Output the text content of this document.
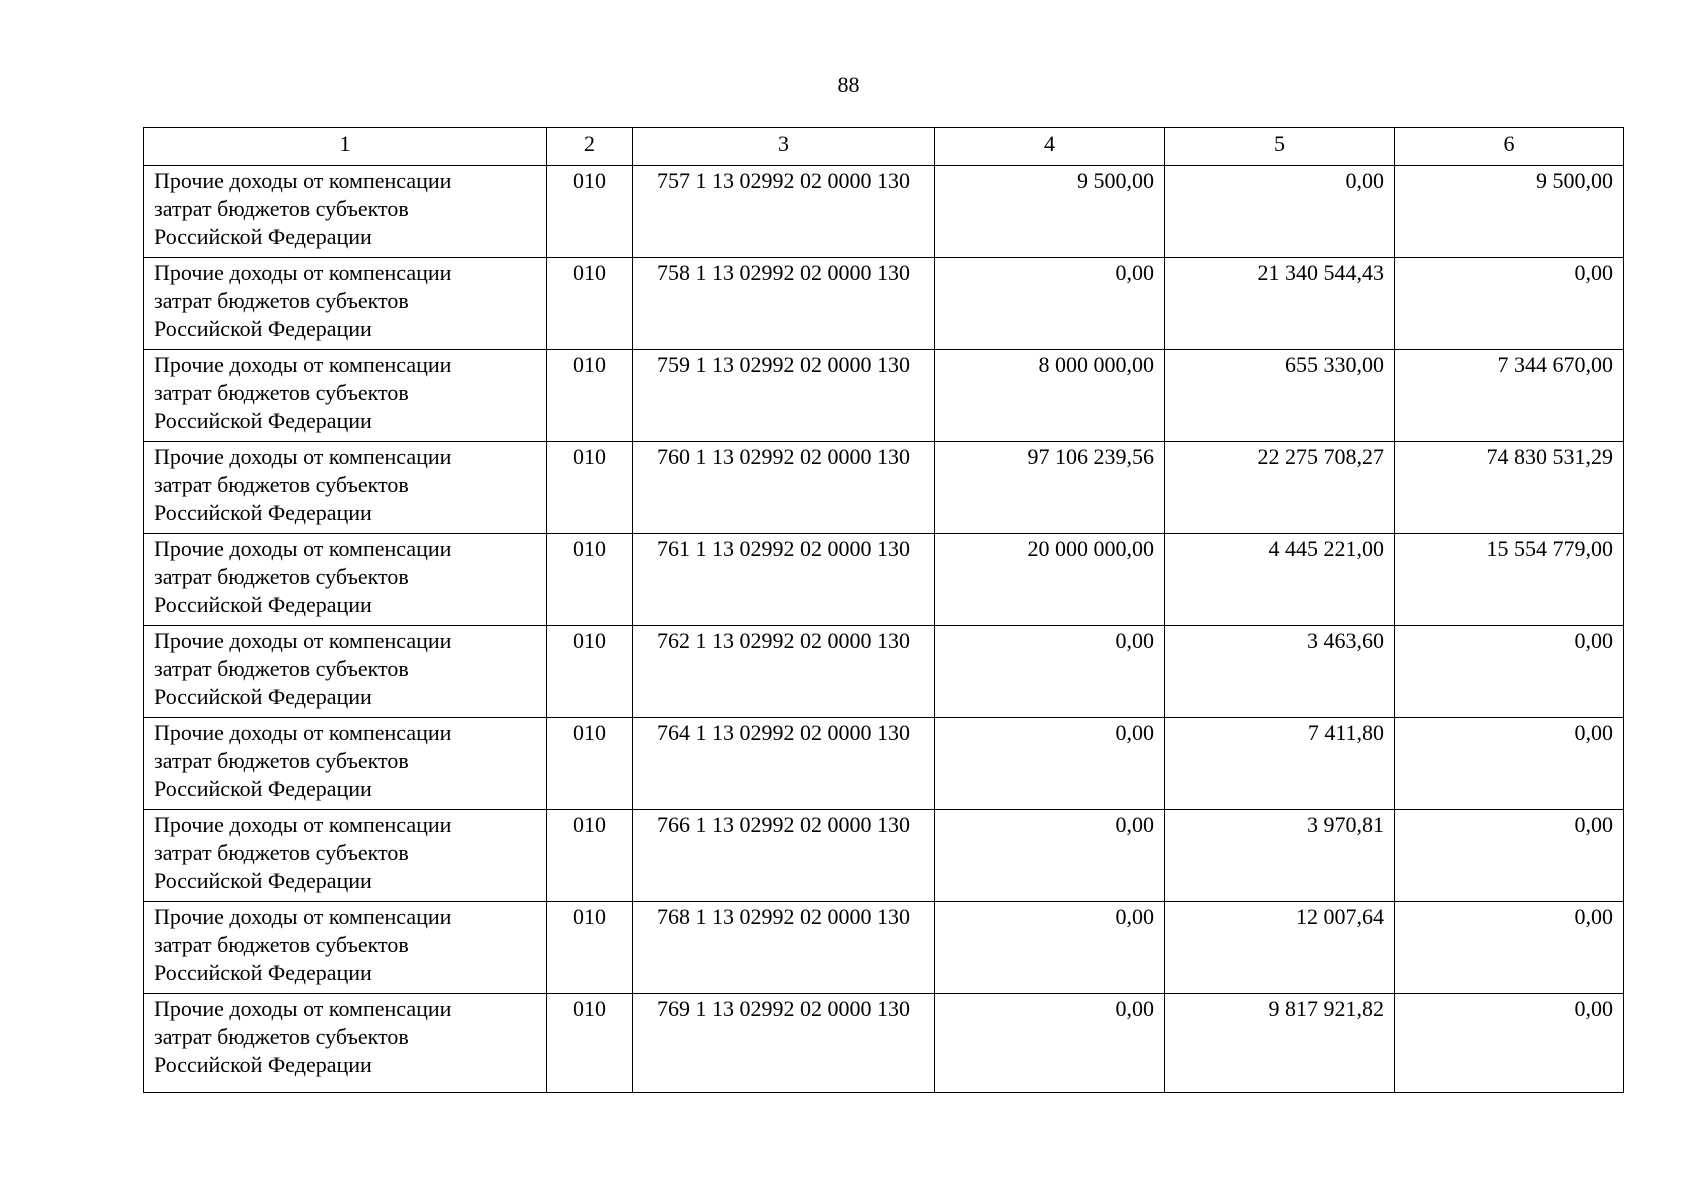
88
1	2	3	4	5	6

Прочие доходы от компенсации
затрат бюджетов субъектов
Российской Федерации	010	757 1 13 02992 02 0000 130	9 500,00	0,00	9 500,00

Прочие доходы от компенсации
затрат бюджетов субъектов
Российской Федерации	010	758 1 13 02992 02 0000 130	0,00	21 340 544,43	0,00

Прочие доходы от компенсации
затрат бюджетов субъектов
Российской Федерации	010	759 1 13 02992 02 0000 130	8 000 000,00	655 330,00	7 344 670,00

Прочие доходы от компенсации
затрат бюджетов субъектов
Российской Федерации	010	760 1 13 02992 02 0000 130	97 106 239,56	22 275 708,27	74 830 531,29

Прочие доходы от компенсации
затрат бюджетов субъектов
Российской Федерации	010	761 1 13 02992 02 0000 130	20 000 000,00	4 445 221,00	15 554 779,00

Прочие доходы от компенсации
затрат бюджетов субъектов
Российской Федерации	010	762 1 13 02992 02 0000 130	0,00	3 463,60	0,00

Прочие доходы от компенсации
затрат бюджетов субъектов
Российской Федерации	010	764 1 13 02992 02 0000 130	0,00	7 411,80	0,00

Прочие доходы от компенсации
затрат бюджетов субъектов
Российской Федерации	010	766 1 13 02992 02 0000 130	0,00	3 970,81	0,00

Прочие доходы от компенсации
затрат бюджетов субъектов
Российской Федерации	010	768 1 13 02992 02 0000 130	0,00	12 007,64	0,00

Прочие доходы от компенсации
затрат бюджетов субъектов
Российской Федерации	010	769 1 13 02992 02 0000 130	0,00	9 817 921,82	0,00
